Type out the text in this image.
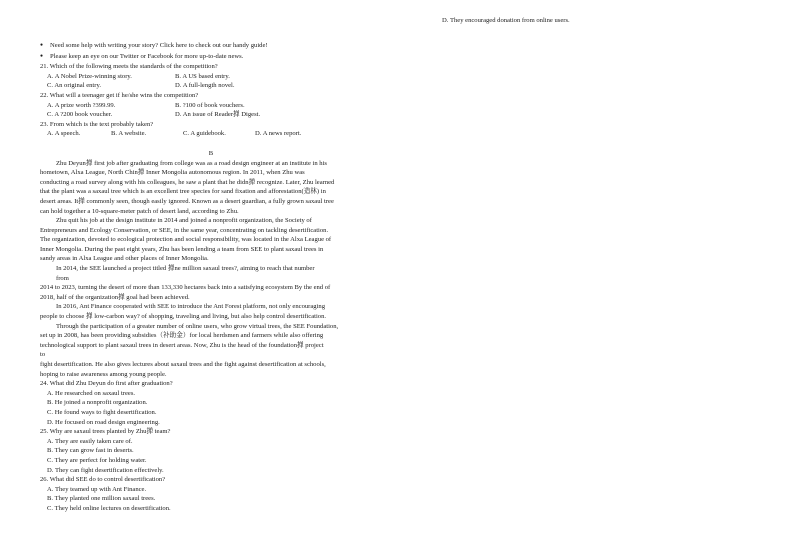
D. They encouraged donation from online users.
● Need some help with writing your story? Click here to check out our handy guide!
● Please keep an eye on our Twitter or Facebook for more up-to-date news.
21. Which of the following meets the standards of the competition?
A. A Nobel Prize-winning story.	B. A US based entry.
C. An original entry.	D. A full-length novel.
22. What will a teenager get if he/she wins the competition?
A. A prize worth ?399.99.	B. ?100 of book vouchers.
C. A ?200 book voucher.	D. An issue of Reader掸 Digest.
23. From which is the text probably taken?
A. A speech.	B. A website.	C. A guidebook.	D. A news report.
B
Zhu Deyun掸 first job after graduating from college was as a road design engineer at an institute in his
hometown, Alxa League, North Chin掸 Inner Mongolia autonomous region. In 2011, when Zhu was
conducting a road survey along with his colleagues, he saw a plant that he didn掸 recognize. Later, Zhu learned
that the plant was a saxaul tree which is an excellent tree species for sand fixation and afforestation(造林) in
desert areas. It掸 commonly seen, though easily ignored. Known as a desert guardian, a fully grown saxaul tree
can hold together a 10-square-meter patch of desert land, according to Zhu.
Zhu quit his job at the design institute in 2014 and joined a nonprofit organization, the Society of
Entrepreneurs and Ecology Conservation, or SEE, in the same year, concentrating on tackling desertification.
The organization, devoted to ecological protection and social responsibility, was located in the Alxa League of
Inner Mongolia. During the past eight years, Zhu has been lending a team from SEE to plant saxaul trees in
sandy areas in Alxa League and other places of Inner Mongolia.
In 2014, the SEE launched a project titled 掸ne million saxaul trees?, aiming to reach that number
from
2014 to 2023, turning the desert of more than 133,330 hectares back into a satisfying ecosystem By the end of
2018, half of the organization掸 goal had been achieved.
In 2016, Ant Finance cooperated with SEE to introduce the Ant Forest platform, not only encouraging
people to choose 掸 low-carbon way? of shopping, traveling and living, but also help control desertification.
Through the participation of a greater number of online users, who grow virtual trees, the SEE Foundation,
set up in 2008, has been providing subsidies（补助金）for local herdsmen and farmers while also offering
technological support to plant saxaul trees in desert areas. Now, Zhu is the head of the foundation掸 project
to
fight desertification. He also gives lectures about saxaul trees and the fight against desertification at schools,
hoping to raise awareness among young people.
24. What did Zhu Deyun do first after graduation?
A. He researched on saxaul trees.
B. He joined a nonprofit organization.
C. He found ways to fight desertification.
D. He focused on road design engineering.
25. Why are saxaul trees planted by Zhu掸 team?
A. They are easily taken care of.
B. They can grow fast in deserts.
C. They are perfect for holding water.
D. They can fight desertification effectively.
26. What did SEE do to control desertification?
A. They teamed up with Ant Finance.
B. They planted one million saxaul trees.
C. They held online lectures on desertification.
